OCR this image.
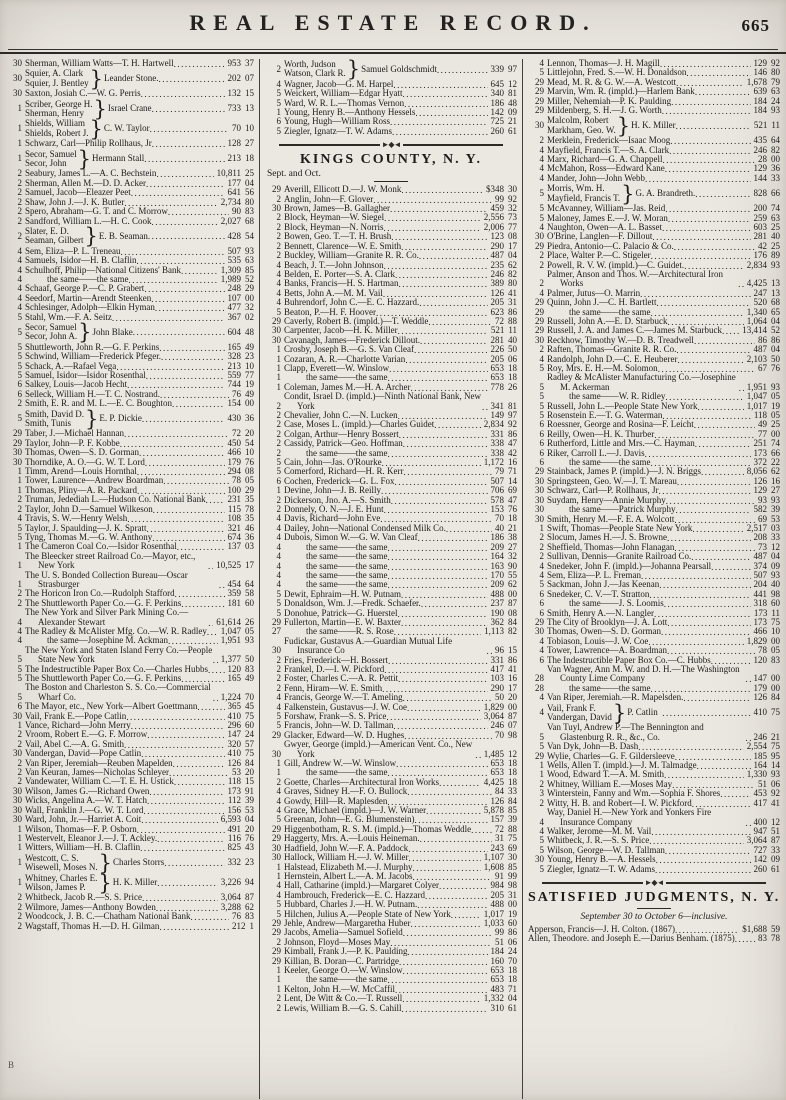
REAL ESTATE RECORD.	665
30 Sherman, William Watts—T. H. Hartwell .....	953 37
30 Squier, A. Clark
Squier, J. Bentley } Leander Stone. .....	202 07
30 Saxton, Josiah C.—W. G. Perris .....	132 15
1 Scriber, George H.
Sherman, Henry } Israel Crane .....	733 13
1 Shields, William
Shields, Robert J. } C. W. Taylor .....	70 10
1 Schwarz, Carl—Philip Rollhaus, Jr .....	128 27
1 Secor, Samuel
Secor, John } Hermann Stall .....	213 18
2 Seabury, James L.—A. C. Bechstein .....	10,811 25
2 Sherman, Allen M.—D. D. Acker .....	177 04
2 Samuel, Jacob—Eleazer Peet .....	641 56
2 Shaw, John J.—J. K. Butler .....	2,734 80
2 Spero, Abraham—G. T. and C. Morrow .....	90 83
2 Sandford, William L.—H. C. Cook .....	2,027 68
2 Slater, E. D.
Seaman, Gilbert } E. B. Seaman .....	428 54
4 Sem, Eliza—P. L. Treneau .....	507 93
4 Samuels, Isidor—H. B. Claflin .....	535 63
4 Schulhoff, Philip—National Citizens' Bank .....	1,309 85
4	the same——the same .....	1,989 52
4 Schaaf, George P.—C. P. Grabert .....	248 29
4 Seedorf, Martin—Arendt Steenken .....	107 00
4 Schlesinger, Adolph—Elkin Hyman .....	477 32
5 Stahl, Wm.—F. A. Seitz .....	367 02
5 Secor, Samuel
Secor, John A. } John Blake .....	604 48
5 Shuttleworth, John R.—G. F. Perkins .....	165 49
5 Schwind, William—Frederick Pfeger. .....	328 23
5 Schack, A.—Rafael Vega .....	213 10
5 Samuel, Isidor—Isidor Rosenthal .....	559 77
6 Salkey, Louis—Jacob Hecht .....	744 19
6 Selleck, William H.—T. C. Nostrand. .....	76 49
2 Smith, E. R. and M. L.—E. C. Boughton .....	154 00
5 Smith, David D.
Smith, Tunis } E. P. Dickie .....	430 36
29 Taber, J.—Michael Hannan .....	72 20
29 Taylor, John—P. F. Kobbe .....	450 54
30 Thomas, Owen—S. D. Gorman .....	466 10
30 Thorndike, A. O.—G. W. T. Lord .....	179 76
1 Timm, Arend—Louis Hornthal .....	294 08
1 Tower, Laurence—Andrew Boardman .....	78 05
1 Thomas, Pliny—A. R. Packard .....	100 29
2 Truman, Jedediah L.—Hudson Co. National Bank .....	231 35
2 Taylor, John D.—Samuel Wilkeson .....	115 78
4 Travis, S. W.—Henry Welsh .....	108 35
5 Taylor, J. Spaulding—J. K. Spratt .....	321 46
5 Tyng, Thomas M.—G. W. Anthony .....	674 36
1 The Cameron Coal Co.—Isidor Rosenthal .....	137 03
1
The Bleecker street Railroad Co.—Mayor, etc., New York .....	10,525 17
1
The U. S. Bonded Collection Bureau—Oscar Strasburger .....	454 64
2 The Horicon Iron Co.—Rudolph Stafford .....	359 58
2 The Shuttleworth Paper Co.—G. F. Perkins .....	181 60
4
The New York and Silver Park Mining Co.—Alexander Stewart .....	61,614 26
4 The Radley & McAlister Mfg. Co.—W. R. Radley .....	1,047 05
4	the same—Josephine M. Ackman .....	1,951 93
5
The New York and Staten Island Ferry Co.—People State New York .....	1,377 50
5 The Indestructible Paper Box Co.—Charles Hubbs .....	120 83
5 The Shuttleworth Paper Co.—G. F. Perkins .....	165 49
5
The Boston and Charleston S. S. Co.—Commercial Wharf Co. .....	1,224 70
6 The Mayor, etc., New York—Albert Goettmann .....	365 45
30 Vail, Frank E.—Pope Catlin .....	410 75
1 Vance, Richard—John Merry .....	296 60
2 Vroom, Robert E.—G. F. Morrow .....	147 24
2 Vail, Abel C.—A. G. Smith .....	320 57
30 Vandergan, David—Pope Catlin .....	410 75
2 Van Riper, Jeremiah—Reuben Mapelden .....	126 84
2 Van Keuran, James—Nicholas Schleyer .....	53 20
2 Vandewater, William C.—T. E. H. Ustick .....	118 15
30 Wilson, James G.—Richard Owen .....	173 91
30 Wicks, Angelina A.—W. T. Hatch .....	112 39
30 Wall, Franklin J.—G. W. T. Lord .....	156 53
30 Ward, John, Jr.—Harriet A. Coit .....	6,593 04
1 Wilson, Thomas—F. P. Osborn .....	491 20
1 Westervelt, Eleanor J.—J. T. Ackley. .....	116 76
1 Witters, William—H. B. Claflin .....	825 43
1 Westcott, C. S.
Wisewell, Moses N. } Charles Storrs .....	332 23
1 Whitney, Charles E.
Wilson, James P. } H. K. Miller .....	3,226 94
2 Whitbeck, Jacob R.—S. S. Price .....	3,064 87
2 Wilmore, James—Anthony Bowden .....	3,288 62
2 Woodcock, J. B. C.—Chatham National Bank .....	76 83
2 Wagstaff, Thomas H.—D. H. Gilman .....	212 1
2 Worth, Judson
Watson, Clark R. } Samuel Goldschmidt .....	339 97
4 Wagner, Jacob—G. M. Harpel .....	645 12
5 Weickert, William—Edgar Hyatt .....	340 81
5 Ward, W. R. L.—Thomas Vernon .....	186 48
1 Young, Henry B.—Anthony Hessels .....	142 09
6 Young, Hugh—William Ross .....	725 21
5 Ziegler, Ignatz—T. W. Adams .....	260 61
►◆◄
KINGS COUNTY, N. Y.
Sept. and Oct.
29 Averill, Ellicott D.—J. W. Monk .....	$348 30
2 Anglin, John—F. Glover .....	99 92
30 Brown, James—B. Gallagher .....	459 32
2 Block, Heyman—W. Siegel .....	2,556 73
2 Block, Heyman—N. Norris .....	2,006 77
2 Bowen, Geo. T.—T. H. Brush .....	123 08
2 Bennett, Clarence—W. E. Smith .....	290 17
2 Buckley, William—Granite R. R. Co. .....	487 04
4 Beach, J. T.—John Johnson .....	235 62
4 Belden, E. Porter—S. A. Clark .....	246 82
4 Banks, Francis—H. S. Hartman .....	389 80
4 Betts, John A.—M. M. Vail .....	126 41
4 Buhrendorf, John C.—E. C. Hazzard. .....	205 31
5 Beaton, P.—H. F. Hoover .....	623 86
29 Caverly, Robert B. (impld.)—T. Weddle .....	72 88
30 Carpenter, Jacob—H. K. Miller .....	521 11
30 Cavanagh, James—Frederick Dillout. .....	281 40
1 Crosby, Joseph B.—G. S. Van Cleaf .....	226 50
1 Cozaran, A. R.—Charlotte Varian .....	205 06
1 Clapp, Everett—W. Winslow .....	653 18
1	the same——the same .....	653 18
1 Coleman, James M.—H. A. Archer .....	778 26
2
Condit, Israel D. (impld.)—Ninth National Bank, New York .....	341 81
2 Chevalier, John C.—N. Lucken .....	149 97
2 Case, Moses L. (impld.)—Charles Guidet .....	2,834 92
2 Colgan, Arthur—Henry Bossert .....	331 86
2 Cassidy, Patrick—Geo. Hoffman .....	338 47
2	the same——the same .....	338 42
5 Cain, John—Jas. O'Rourke .....	1,172 16
5 Comerford, Richard—H. R. Kerr .....	79 71
6 Cochen, Frederick—G. L. Fox .....	507 14
1 Devine, John—J. B. Reilly .....	706 69
2 Dickerson, Jno. A.—S. Smith .....	578 47
2 Donnely, O. N.—J. E. Hunt .....	153 76
4 Davis, Richard—John Eve .....	70 18
4 Dailey, John—National Condensed Milk Co. .....	40 21
4 Dubois, Simon W.—G. W. Van Cleaf .....	186 38
4	the same——the same .....	209 27
4	the same——the same .....	164 32
4	the same——the same .....	163 90
4	the same——the same .....	170 55
4	the same——the same .....	209 62
5 Dewit, Ephraim—H. W. Putnam .....	488 00
5 Donaldson, Wm. J.—Fredk. Schaefer. .....	237 87
5 Donohue, Patrick—G. Huerstel .....	190 08
29 Fullerton, Martin—E. W. Baxter .....	362 84
27	the same——R. S. Rose .....	1,113 82
30
Fudickar, Gustavus A.—Guardian Mutual Life Insurance Co .....	96 15
2 Fries, Frederick—H. Bossert .....	331 86
2 Frankel, D.—I. W. Pickford .....	417 41
2 Foster, Charles C.—A. R. Pettit .....	103 16
2 Fenn, Hiram—W. E. Smith .....	290 17
4 Francis, George W.—T. Ameling .....	50 20
4 Falkenstein, Gustavus—J. W. Coe .....	1,829 00
5 Forshaw, Frank—S. S. Price .....	3,064 87
5 Francis, John—W. D. Tallman .....	246 07
29 Glacker, Edward—W. D. Hughes .....	70 98
30
Gwyer, George (impld.)—American Vent. Co., New York .....	1,485 12
1 Gill, Andrew W.—W. Winslow .....	653 18
1	the same——the same .....	653 18
2 Goette, Charles—Architectural Iron Works .....	4,425 18
4 Graves, Sidney H.—F. O. Bullock .....	84 33
4 Gowdy, Hill—R. Maplesden .....	126 84
4 Grace, Michael (impld.)—J. W. Warner .....	5,878 85
5 Greenan, John—E. G. Blumenstein) .....	157 39
29 Higgenbotham, R. S. M. (impld.)—Thomas Weddle .....	72 88
29 Haggerty, Mrs. A.—Louis Heineman. .....	31 75
30 Hadfield, John W.—F. A. Paddock .....	243 69
30 Hallock, William H.—J. W. Miller .....	1,107 30
1 Halstead, Elizabeth M.—J. Murphy .....	1,608 85
1 Hernstein, Albert L.—A. M. Jacobs .....	91 99
4 Hall, Catharine (impld.)—Margaret Colyer .....	984 98
4 Hambrouch, Frederick—E. C. Hazzard .....	205 31
5 Hubbard, Charles J.—H. W. Putnam. .....	488 00
5 Hilchen, Julius A.—People State of New York .....	1,017 19
29 Jehle, Andrew—Margaretha Huber .....	1,033 60
29 Jacobs, Amelia—Samuel Sofield .....	99 86
2 Johnson, Floyd—Moses May .....	51 06
29 Kimball, Frank J.—P. K. Paulding .....	184 24
29 Killian, B. Doran—C. Partridge .....	160 70
1 Keeler, George O.—W. Winslow .....	653 18
1	the same——the same .....	653 18
1 Kelton, John H.—W. McCaffil .....	483 71
2 Lent, De Witt & Co.—T. Russell .....	1,332 04
2 Lewis, William B.—G. S. Cahill .....	310 61
4 Lennon, Thomas—J. H. Magill .....	129 92
5 Littlejohn, Fred. S.—W. H. Donaldson .....	146 80
29 Mead, M. R. & G. W.—A. Westcott .....	1,678 79
29 Marvin, Wm. R. (impld.)—Harlem Bank .....	639 63
29 Miller, Nehemiah—P. K. Paulding .....	184 24
29 Mildenberg, S. H.—J. G. Worth .....	184 93
30 Malcolm, Robert
Markham, Geo. W. } H. K. Miller .....	521 11
2 Merklein, Frederick—Isaac Moog .....	435 64
4 Mayfield, Francis T.—S. A. Clark .....	246 82
4 Marx, Richard—G. A. Chappell .....	28 00
4 McMahon, Ross—Edward Kane .....	129 36
4 Mander, John—John Webb .....	144 33
5 Morris, Wm. H.
Mayfield, Francis T. } G. A. Brandreth. .....	828 66
5 McAvanney, William—Jas. Reid .....	200 74
5 Maloney, James E.—J. W. Moran .....	259 63
4 Naughton, Owen—A. L. Basset .....	603 25
30 O'Brine, Langlen—F. Dillout .....	281 40
29 Piedra, Antonio—C. Palacio & Co. .....	42 25
2 Place, Walter P.—C. Stigeler .....	176 89
2 Powell, R. V. W. (impld.)—C. Guidet. .....	2,834 93
2
Palmer, Anson and Thos. W.—Architectural Iron Works .....	4,425 13
4 Palmer, Jutus—O. Marrin .....	247 13
29 Quinn, John J.—C. H. Bartlett .....	520 68
29	the same——the same .....	1,340 65
29 Russell, John A.—E. D. Starbuck .....	1,064 04
29 Russell, J. A. and James C.—James M. Starbuck .....	13,414 52
30 Reckhow, Timothy W.—D. B. Treadwell .....	86 86
2 Raften, Thomas—Granite R. R. Co. .....	487 04
4 Randolph, John D.—C. E. Heuberer .....	2,103 50
5 Roy, Mrs. E. H.—M. Solomon .....	67 76
5
Radley & McAlister Manufacturing Co.—Josephine M. Ackerman .....	1,951 93
5	the same——W. R. Ridley .....	1,047 05
5 Russell, John L.—People State New York .....	1,017 19
5 Rosenstein E.—T. G. Waterman .....	118 05
6 Roessner, George and Rosina—F. Leicht .....	49 25
6 Reilly, Owen—H. K. Thurber .....	77 00
6 Rutherford, Little and Mrs.—C. Hayman .....	251 74
6 Riker, Carroll L.—J. Davis .....	173 66
6	the same——the same .....	372 22
29 Stainback, James P. (impld.)—J. N. Briggs .....	8,056 62
30 Springsteen, Geo. W.—J. T. Mareau .....	126 16
30 Schwarz, Carl—P. Rollhaus, Jr .....	129 27
30 Suydam, Henry—Annie Murphy .....	93 93
30	the same——Patrick Murphy .....	582 39
30 Smith, Henry M.—F. E. A. Wolcott .....	69 53
1 Swift, Thomas—People State New York .....	2,517 03
2 Slocum, James H.—J. S. Browne .....	208 33
2 Sheffield, Thomas—John Flanagan .....	73 12
2 Sullivan, Dennis—Granite Railroad Co. .....	487 04
4 Snedeker, John F. (impld.)—Johanna Pearsall .....	374 09
4 Sem, Eliza—P. L. Freman .....	507 93
5 Sackman, John J.—Jas Keenan .....	204 40
6 Snedeker, C. V.—T. Stratton .....	441 98
6	the same——J. S. Loomis .....	318 60
6 Smith, Henry A.—N. Langler .....	173 11
29 The City of Brooklyn—J. A. Lott .....	173 75
30 Thomas, Owen—S. D. Gorman .....	466 10
4 Tobiason, Louis—J. W. Coe .....	1,829 00
4 Tower, Lawrence—A. Boardman .....	78 05
6 The Indestructible Paper Box Co.—C. Hubbs .....	120 83
28
Van Wagner, Ann M. W. and D. H.—The Washington County Lime Company .....	147 00
28	the same——the same .....	179 00
4 Van Riper, Jeremiah.—R. Mapelsden. .....	126 84
4 Vail, Frank F.
Vandergan, David } P. Catlin .....	410 75
5
Van Tuyl, Andrew P.—The Bennington and Glastenburg R. R., &c., Co. .....	246 21
5 Van Dyk, John—B. Dash .....	2,554 75
29 Wylie, Charles—G. F. Gildersleeve .....	185 95
1 Wells, Allen T. (impld.)—J. M. Talmadge .....	164 14
1 Wood, Edward T.—A. M. Smith .....	1,330 93
2 Whitney, William E.—Moses May .....	51 06
3 Winterstein, Fanny and Wm.—Sophia F. Shores .....	453 92
2 Witty, H. B. and Robert—I. W. Pickford .....	417 41
4
Way, Daniel H.—New York and Yonkers Fire Insurance Company .....	400 12
4 Walker, Jerome—M. M. Vail .....	947 51
5 Whitbeck, J. R.—S. S. Price .....	3,064 87
5 Wilson, George—W. D. Tallman .....	727 33
30 Young, Henry B.—A. Hessels .....	142 09
5 Ziegler, Ignatz—T. W. Adams .....	260 61
►◆◄
SATISFIED JUDGMENTS, N. Y.
September 30 to October 6—inclusive.
Apperson, Francis—J. H. Colton. (1867) .....	$1,688 59
Allen, Theodore. and Joseph E.—Darius Benham. (1875) .....	83 78
B
